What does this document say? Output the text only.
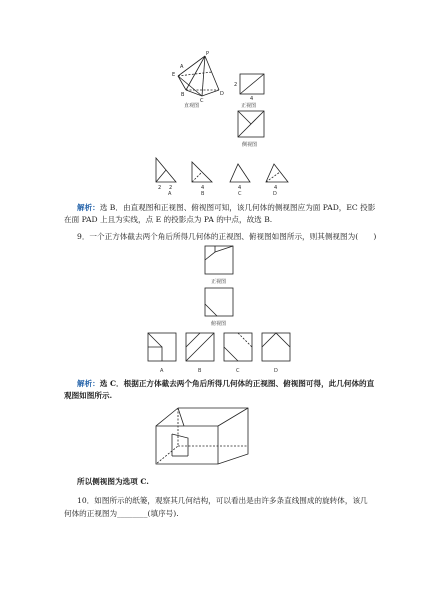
P
E
A
B
C
D
直观图
2
4
正视图
侧视图
2 2	4	4	4
A	B	C	D
解析：选 B．由直观图和正视图、俯视图可知，该几何体的侧视图应为面 PAD，EC 投影
在面 PAD 上且为实线，点 E 的投影点为 PA 的中点，故选 B.
9．一个正方体截去两个角后所得几何体的正视图、俯视图如图所示，则其侧视图为(　　)
正视图
俯视图
A	B	C	D
解析：选 C．根据正方体截去两个角后所得几何体的正视图、俯视图可得，此几何体的直
观图如图所示.
所以侧视图为选项 C.
10．如图所示的纸篓，观察其几何结构，可以看出是由许多条直线围成的旋转体，该几
何体的正视图为________(填序号).
